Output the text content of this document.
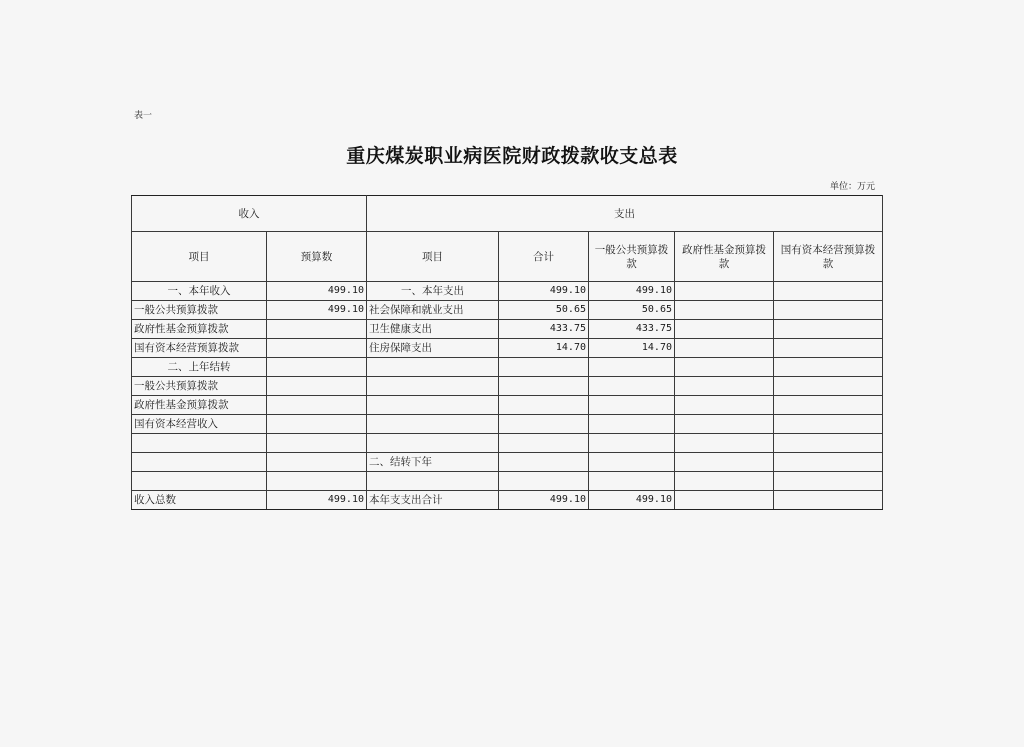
表一
重庆煤炭职业病医院财政拨款收支总表
单位：万元
收入		支出				
项目	预算数	项目	合计	一般公共预算拨款	政府性基金预算拨款	国有资本经营预算拨款
一、本年收入	499.10	一、本年支出	499.10	499.10		
一般公共预算拨款	499.10	社会保障和就业支出	50.65	50.65		
政府性基金预算拨款		卫生健康支出	433.75	433.75		
国有资本经营预算拨款		住房保障支出	14.70	14.70		
二、上年结转						
一般公共预算拨款						
政府性基金预算拨款						
国有资本经营收入						

		二、结转下年				

收入总数	499.10	本年支支出合计	499.10	499.10		
